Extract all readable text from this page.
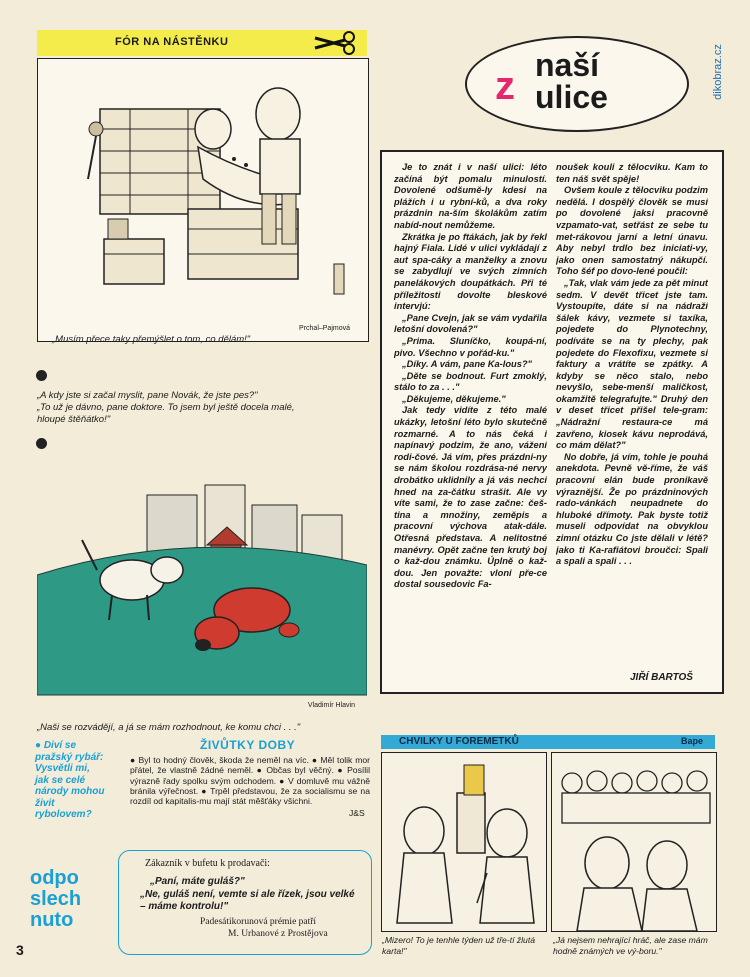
FÓR NA NÁSTĚNKU
Prchal–Pajmová
„Musím přece taky přemýšlet o tom, co dělám!"
„A kdy jste si začal myslit, pane Novák, že jste pes?"
„To už je dávno, pane doktore. To jsem byl ještě docela malé,
hloupé štěňátko!"
Vladimír Hlavin
„Naši se rozvádějí, a já se mám rozhodnout, ke komu chci . . ."
z naší
ulice	dikobraz.cz

Je to znát i v naší ulici: léto začíná být pomalu minulostí. Dovolené odšumě-ly kdesi na plážích i u rybní-ků, a dva roky prázdnin na-ším školákům zatím nabíd-nout nemůžeme.

Zkrátka je po ftákách, jak by řekl hajný Fiala. Lidé v ulici vykládají z aut spa-cáky a manželky a znovu se zabydlují ve svých zimních panelákových doupátkách. Při té příležitosti dovolte bleskové intervjú:

„Pane Cvejn, jak se vám vydařila letošní dovolená?"

„Prima. Sluníčko, koupá-ní, pivo. Všechno v pořád-ku."

„Díky. A vám, pane Ka-lous?"

„Děte se bodnout. Furt zmoklý, stálo to za . . ."

„Děkujeme, děkujeme."

Jak tedy vidíte z této malé ukázky, letošní léto bylo skutečně rozmarné. A to nás čeká i napínavý podzim, že ano, vážení rodi-čové. Já vím, přes prázdni-ny se nám školou rozdrása-né nervy drobátko uklidnily a já vás nechci hned na za-čátku strašit. Ale vy víte sami, že to zase začne: češ-tina a množiny, zeměpis a pracovní výchova atak-dále. Otřesná představa. A nelitostné manévry. Opět začne ten krutý boj o kaž-dou známku. Úplně o kaž-dou. Jen považte: vloni pře-ce dostal sousedovic Fa-

noušek kouli z tělocviku. Kam to ten náš svět spěje!

Ovšem koule z tělocviku podzim nedělá. I dospělý člověk se musí po dovolené jaksi pracovně vzpamato-vat, setřást ze sebe tu met-rákovou jarní a letní únavu. Aby nebyl trdlo bez iniciati-vy, jako onen samostatný nákupčí. Toho šéf po dovo-lené poučil:

„Tak, vlak vám jede za pět minut sedm. V devět třicet jste tam. Vystoupíte, dáte si na nádraží šálek kávy, vezmete si taxíka, pojedete do Plynotechny, podíváte se na ty plechy, pak pojedete do Flexofixu, vezmete si faktury a vrátíte se zpátky. A kdyby se něco stalo, nebo nevyšlo, sebe-menší maličkost, okamžitě telegrafujte." Druhý den v deset třicet přišel tele-gram: „Nádražní restaura-ce má zavřeno, kiosek kávu neprodává, co mám dělat?"

No dobře, já vím, tohle je pouhá anekdota. Pevně vě-říme, že váš pracovní elán bude pronikavě výraznější. Že po prázdninových rado-vánkách neupadnete do hluboké dřímoty. Pak byste totiž museli odpovídat na obvyklou zimní otázku Co jste dělali v létě? jako ti Ka-rafiátovi broučci: Spali a spali a spali . . .

JIŘÍ BARTOŠ
● Diví se
pražský rybář:
Vysvětli mi,
jak se celé
národy mohou
živit
rybolovem?
ŽIVŮTKY DOBY
● Byl to hodný člověk, škoda že neměl na víc. ● Měl tolik mor přátel, že vlastně žádné neměl. ● Občas byl věčný. ● Posílil výrazně řady spolku svým odchodem. ● V domluvě mu vážně bránila výřečnost. ● Trpěl představou, že za socialismu se na rozdíl od kapitalis-mu mají stát měšťáky všichni.
J&S
CHVILKY U FOREMETKŮ	Bape
„Mizero! To je tenhle týden už tře-tí žlutá karta!"
„Já nejsem nehrající hráč, ale zase mám hodně známých ve vý-boru."
odpo
slech
nuto
Zákazník v bufetu k prodavači:
„Paní, máte guláš?"
„Ne, guláš není, vemte si ale řízek, jsou velké – máme kontrolu!"
Padesátikorunová prémie patří
M. Urbanové z Prostějova
3
